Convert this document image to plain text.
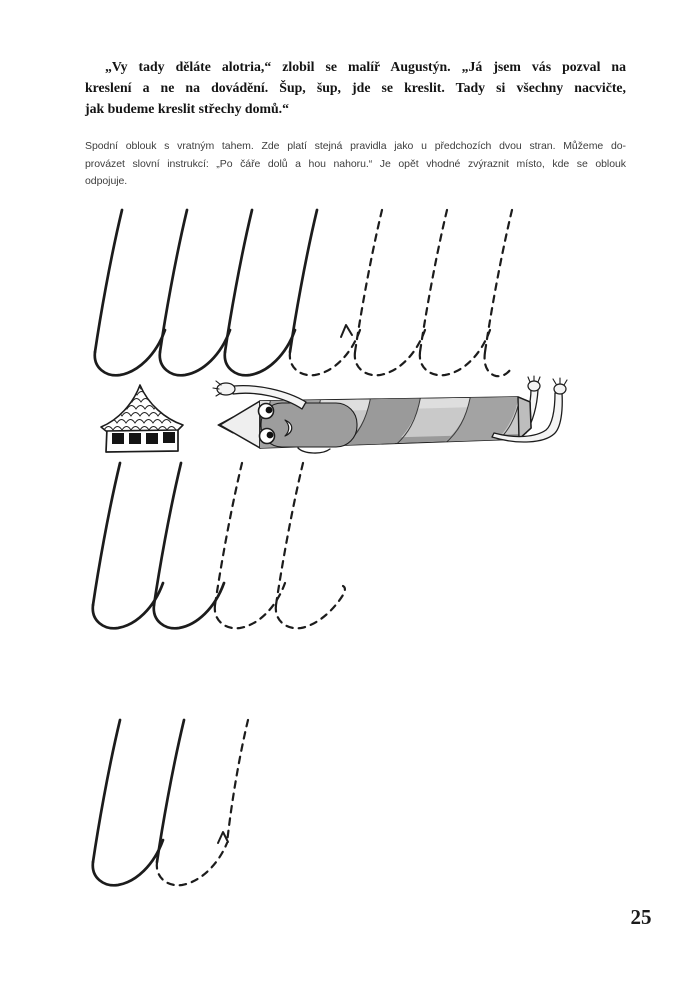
„Vy tady děláte alotria,“ zlobil se malíř Augustýn. „Já jsem vás pozval na
kreslení a ne na dovádění. Šup, šup, jde se kreslit. Tady si všechny nacvičte,
jak budeme kreslit střechy domů.“
Spodní oblouk s vratným tahem. Zde platí stejná pravidla jako u předchozích dvou stran. Můžeme do-
provázet slovní instrukcí: „Po čáře dolů a hou nahoru.“ Je opět vhodné zvýraznit místo, kde se oblouk
odpojuje.
25
